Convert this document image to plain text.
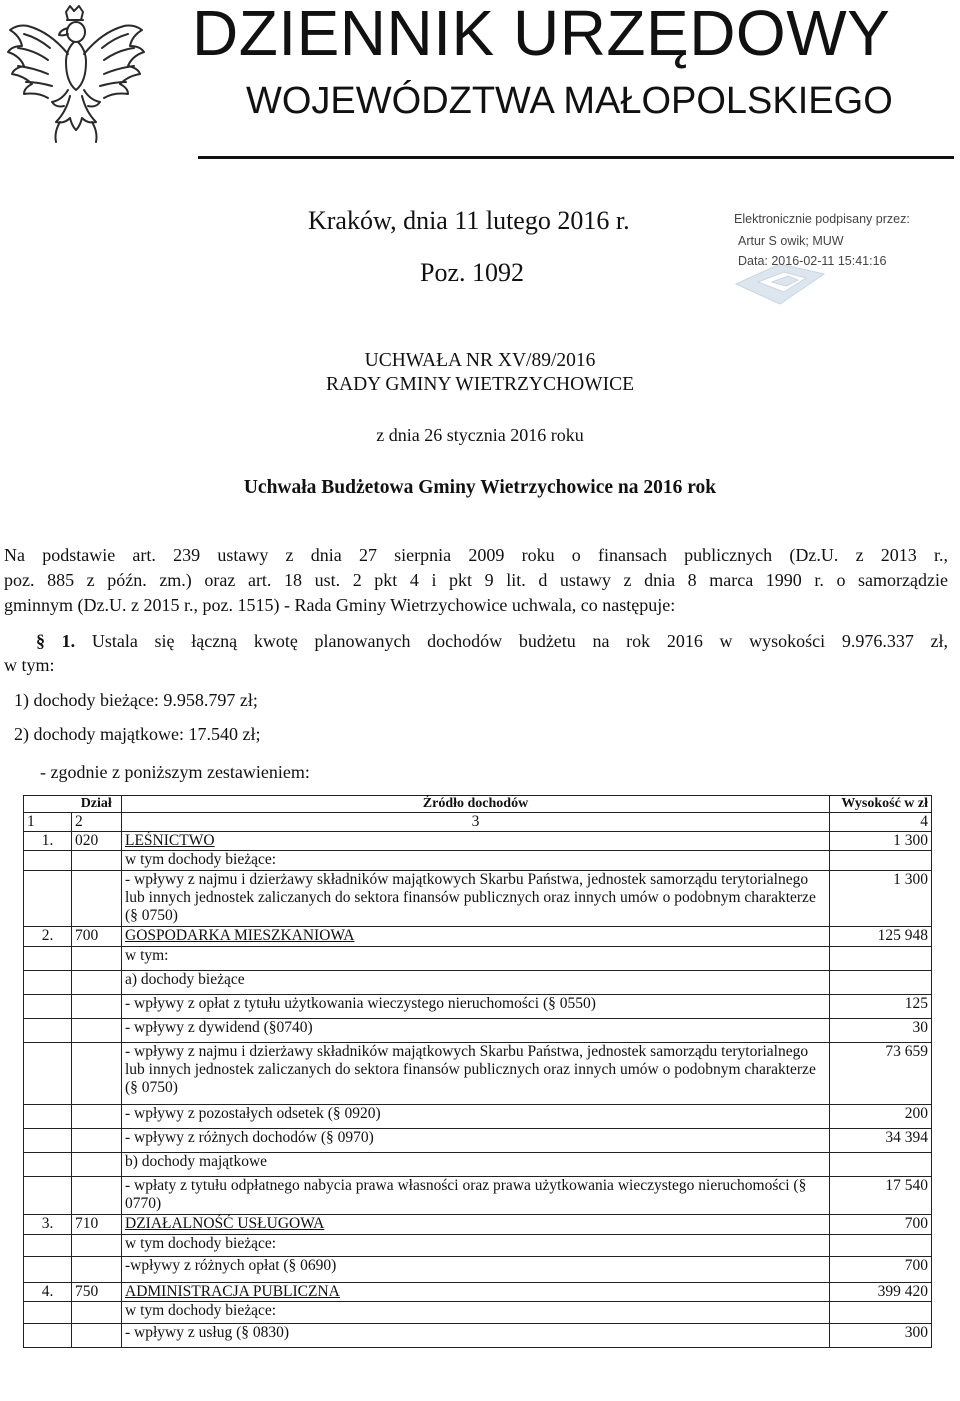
DZIENNIK URZĘDOWY
WOJEWÓDZTWA MAŁOPOLSKIEGO
Kraków, dnia 11 lutego 2016 r.
Poz. 1092
Elektronicznie podpisany przez:
Artur S owik; MUW
Data: 2016-02-11 15:41:16
UCHWAŁA NR XV/89/2016
RADY GMINY WIETRZYCHOWICE
z dnia 26 stycznia 2016 roku
Uchwała Budżetowa Gminy Wietrzychowice na 2016 rok
Na podstawie art. 239 ustawy z dnia 27 sierpnia 2009 roku o finansach publicznych (Dz.U. z 2013 r.,
poz. 885 z późn. zm.) oraz art. 18 ust. 2 pkt 4 i pkt 9 lit. d ustawy z dnia 8 marca 1990 r. o samorządzie
gminnym (Dz.U. z 2015 r., poz. 1515) - Rada Gminy Wietrzychowice uchwala, co następuje:
§ 1. Ustala się łączną kwotę planowanych dochodów budżetu na rok 2016 w wysokości 9.976.337 zł,
w tym:
1) dochody bieżące: 9.958.797 zł;
2) dochody majątkowe: 17.540 zł;
- zgodnie z poniższym zestawieniem:
	Dział	Źródło dochodów	Wysokość w zł
1	2	3	4
1.	020	LEŚNICTWO	1 300
		w tym dochody bieżące:	
		- wpływy z najmu i dzierżawy składników majątkowych Skarbu Państwa, jednostek samorządu terytorialnego lub innych jednostek zaliczanych do sektora finansów publicznych oraz innych umów o podobnym charakterze (§ 0750)	1 300
2.	700	GOSPODARKA MIESZKANIOWA	125 948
		w tym:	
		a) dochody bieżące	
		- wpływy z opłat z tytułu użytkowania wieczystego nieruchomości (§ 0550)	125
		- wpływy z dywidend (§0740)	30
		- wpływy z najmu i dzierżawy składników majątkowych Skarbu Państwa, jednostek samorządu terytorialnego lub innych jednostek zaliczanych do sektora finansów publicznych oraz innych umów o podobnym charakterze (§ 0750)	73 659
		- wpływy z pozostałych odsetek (§ 0920)	200
		- wpływy z różnych dochodów (§ 0970)	34 394
		b) dochody majątkowe	
		- wpłaty z tytułu odpłatnego nabycia prawa własności oraz prawa użytkowania wieczystego nieruchomości (§ 0770)	17 540
3.	710	DZIAŁALNOŚĆ USŁUGOWA	700
		w tym dochody bieżące:	
		-wpływy z różnych opłat (§ 0690)	700
4.	750	ADMINISTRACJA PUBLICZNA	399 420
		w tym dochody bieżące:	
		- wpływy z usług (§ 0830)	300
